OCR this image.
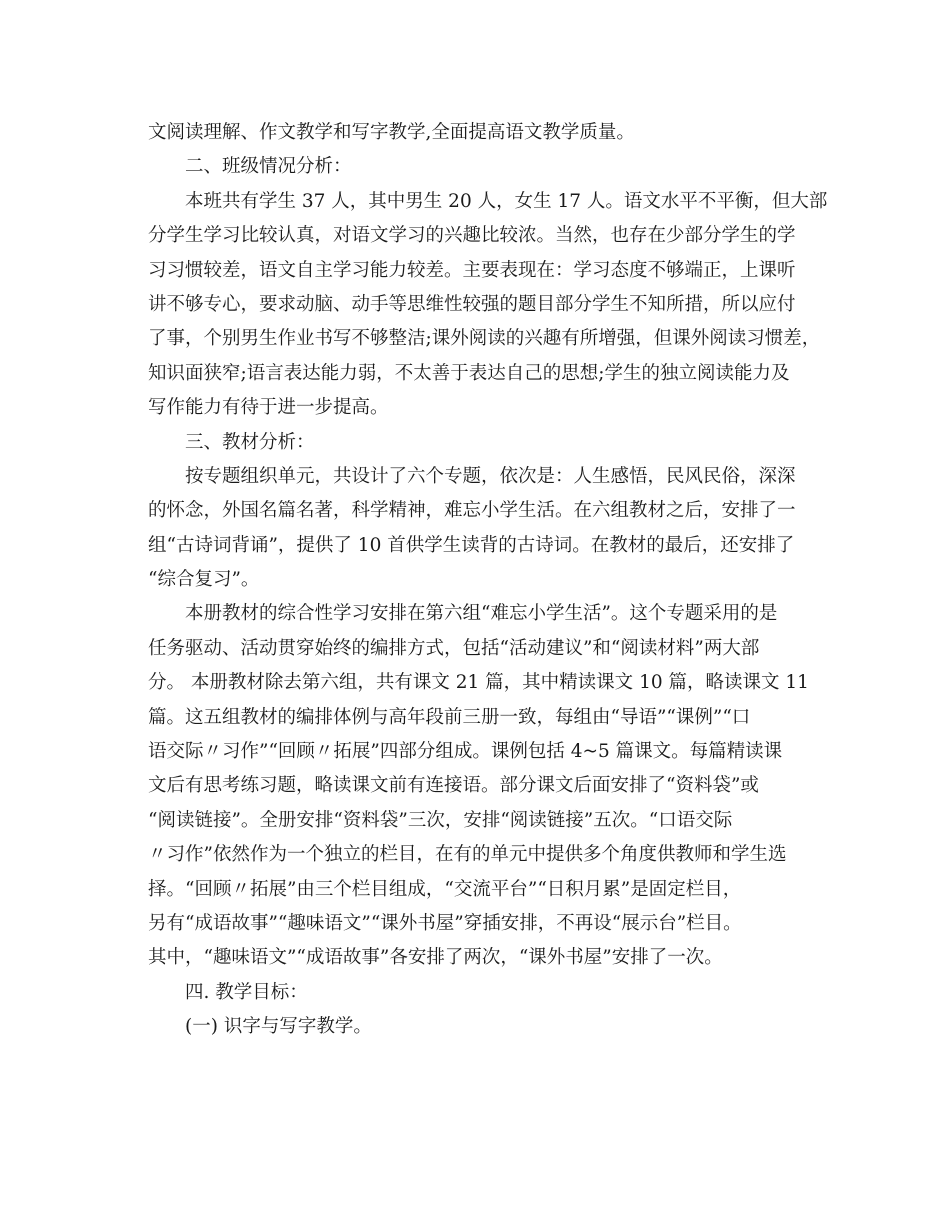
文阅读理解、作文教学和写字教学,全面提高语文教学质量。

二、班级情况分析：

本班共有学生 37 人，其中男生 20 人，女生 17 人。语文水平不平衡，但大部

分学生学习比较认真，对语文学习的兴趣比较浓。当然，也存在少部分学生的学

习习惯较差，语文自主学习能力较差。主要表现在：学习态度不够端正，上课听

讲不够专心，要求动脑、动手等思维性较强的题目部分学生不知所措，所以应付

了事，个别男生作业书写不够整洁;课外阅读的兴趣有所增强，但课外阅读习惯差，

知识面狭窄;语言表达能力弱，不太善于表达自己的思想;学生的独立阅读能力及

写作能力有待于进一步提高。

三、教材分析：

按专题组织单元，共设计了六个专题，依次是：人生感悟，民风民俗，深深

的怀念，外国名篇名著，科学精神，难忘小学生活。在六组教材之后，安排了一

组“古诗词背诵”，提供了 10 首供学生读背的古诗词。在教材的最后，还安排了

“综合复习”。

本册教材的综合性学习安排在第六组“难忘小学生活”。这个专题采用的是

任务驱动、活动贯穿始终的编排方式，包括“活动建议”和“阅读材料”两大部

分。 本册教材除去第六组，共有课文 21 篇，其中精读课文 10 篇，略读课文 11

篇。这五组教材的编排体例与高年段前三册一致，每组由“导语”“课例”“口

语交际〃习作”“回顾〃拓展”四部分组成。课例包括 4~5 篇课文。每篇精读课

文后有思考练习题，略读课文前有连接语。部分课文后面安排了“资料袋”或

“阅读链接”。全册安排“资料袋”三次，安排“阅读链接”五次。“口语交际

〃习作”依然作为一个独立的栏目，在有的单元中提供多个角度供教师和学生选

择。“回顾〃拓展”由三个栏目组成，“交流平台”“日积月累”是固定栏目，

另有“成语故事”“趣味语文”“课外书屋”穿插安排，不再设“展示台”栏目。

其中，“趣味语文”“成语故事”各安排了两次，“课外书屋”安排了一次。

四. 教学目标：

(一) 识字与写字教学。
